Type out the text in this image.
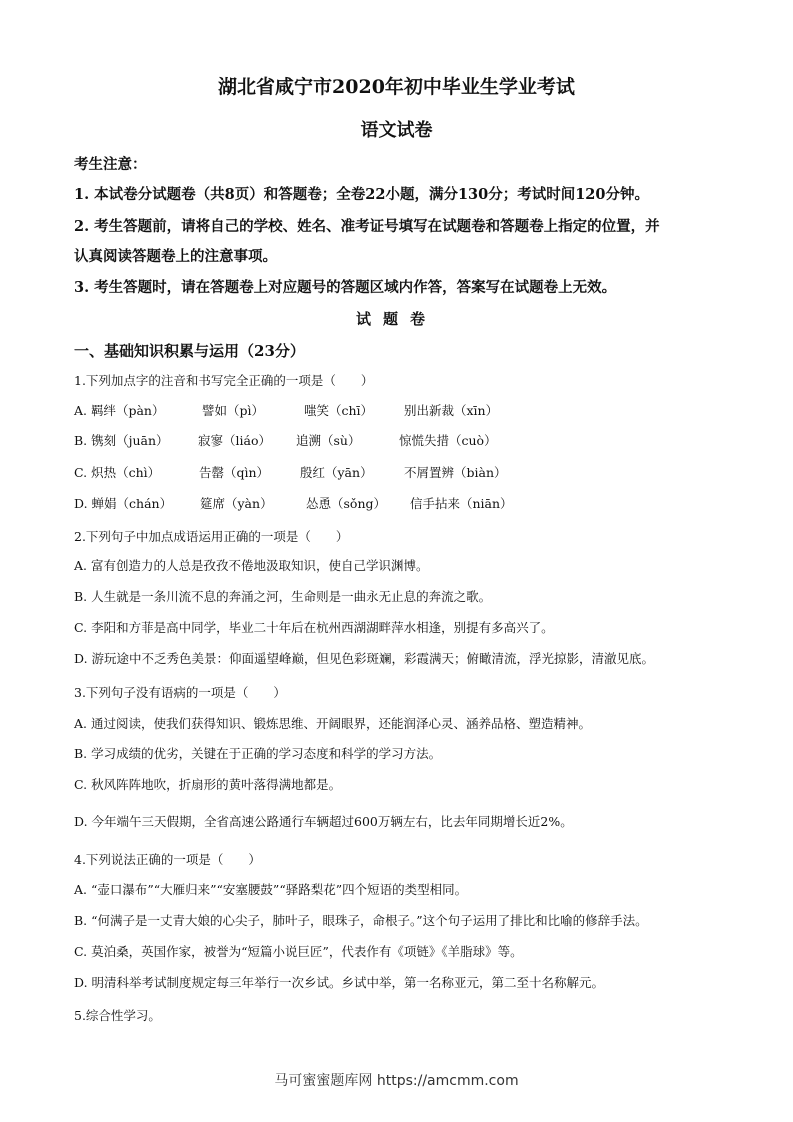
湖北省咸宁市2020年初中毕业生学业考试
语文试卷
考生注意：
1. 本试卷分试题卷（共8页）和答题卷；全卷22小题，满分130分；考试时间120分钟。
2. 考生答题前，请将自己的学校、姓名、准考证号填写在试题卷和答题卷上指定的位置，并
认真阅读答题卷上的注意事项。
3. 考生答题时，请在答题卷上对应题号的答题区域内作答，答案写在试题卷上无效。
试题卷
一、基础知识积累与运用（23分）
1.下列加点字的注音和书写完全正确的一项是（　　）
A. 羁绊（pàn）	譬如（pì）	嗤笑（chī） 别出新裁（xīn）
B. 镌刻（juān） 寂寥（liáo） 追溯（sù）	惊慌失措（cuò）
C. 炽热（chì）	告罄（qìn） 殷红（yān）	不屑置辨（biàn）
D. 蝉娟（chán） 筵席（yàn）	怂恿（sǒng） 信手拈来（niān）
2.下列句子中加点成语运用正确的一项是（　　）
A. 富有创造力的人总是孜孜不倦地汲取知识，使自己学识渊博。
B. 人生就是一条川流不息的奔涌之河，生命则是一曲永无止息的奔流之歌。
C. 李阳和方菲是高中同学，毕业二十年后在杭州西湖湖畔萍水相逢，别提有多高兴了。
D. 游玩途中不乏秀色美景：仰面遥望峰巅，但见色彩斑斓，彩霞满天；俯瞰清流，浮光掠影，清澈见底。
3.下列句子没有语病的一项是（　　）
A. 通过阅读，使我们获得知识、锻炼思维、开阔眼界，还能润泽心灵、涵养品格、塑造精神。
B. 学习成绩的优劣，关键在于正确的学习态度和科学的学习方法。
C. 秋风阵阵地吹，折扇形的黄叶落得满地都是。
D. 今年端午三天假期，全省高速公路通行车辆超过600万辆左右，比去年同期增长近2%。
4.下列说法正确的一项是（　　）
A. “壶口瀑布”“大雁归来”“安塞腰鼓”“驿路梨花”四个短语的类型相同。
B. “何满子是一丈青大娘的心尖子，肺叶子，眼珠子，命根子。”这个句子运用了排比和比喻的修辞手法。
C. 莫泊桑，英国作家，被誉为“短篇小说巨匠”，代表作有《项链》《羊脂球》等。
D. 明清科举考试制度规定每三年举行一次乡试。乡试中举，第一名称亚元，第二至十名称解元。
5.综合性学习。
马可蜜蜜题库网 https://amcmm.com
